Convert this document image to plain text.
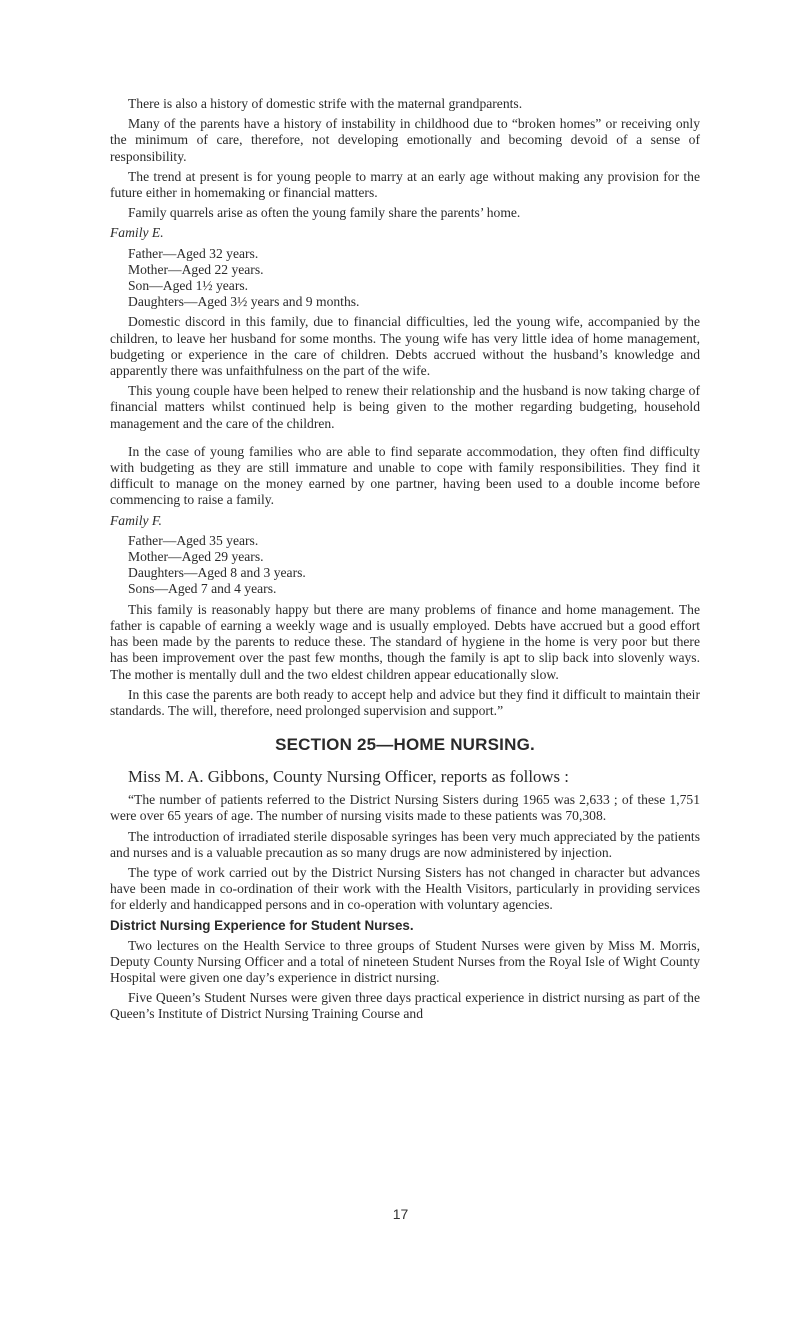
There is also a history of domestic strife with the maternal grandparents.

Many of the parents have a history of instability in childhood due to “broken homes” or receiving only the minimum of care, therefore, not developing emotionally and becoming devoid of a sense of responsibility.

The trend at present is for young people to marry at an early age without making any provision for the future either in homemaking or financial matters.

Family quarrels arise as often the young family share the parents’ home.

Family E.

Father—Aged 32 years.

Mother—Aged 22 years.

Son—Aged 1½ years.

Daughters—Aged 3½ years and 9 months.

Domestic discord in this family, due to financial difficulties, led the young wife, accompanied by the children, to leave her husband for some months. The young wife has very little idea of home management, budgeting or experience in the care of children. Debts accrued without the husband’s knowledge and apparently there was unfaithfulness on the part of the wife.

This young couple have been helped to renew their relationship and the husband is now taking charge of financial matters whilst continued help is being given to the mother regarding budgeting, household management and the care of the children.

In the case of young families who are able to find separate accommodation, they often find difficulty with budgeting as they are still immature and unable to cope with family responsibilities. They find it difficult to manage on the money earned by one partner, having been used to a double income before commencing to raise a family.

Family F.

Father—Aged 35 years.

Mother—Aged 29 years.

Daughters—Aged 8 and 3 years.

Sons—Aged 7 and 4 years.

This family is reasonably happy but there are many problems of finance and home management. The father is capable of earning a weekly wage and is usually employed. Debts have accrued but a good effort has been made by the parents to reduce these. The standard of hygiene in the home is very poor but there has been improvement over the past few months, though the family is apt to slip back into slovenly ways. The mother is mentally dull and the two eldest children appear educationally slow.

In this case the parents are both ready to accept help and advice but they find it difficult to maintain their standards. The will, therefore, need prolonged supervision and support.”

SECTION 25—HOME NURSING.

Miss M. A. Gibbons, County Nursing Officer, reports as follows :

“The number of patients referred to the District Nursing Sisters during 1965 was 2,633 ; of these 1,751 were over 65 years of age. The number of nursing visits made to these patients was 70,308.

The introduction of irradiated sterile disposable syringes has been very much appreciated by the patients and nurses and is a valuable precaution as so many drugs are now administered by injection.

The type of work carried out by the District Nursing Sisters has not changed in character but advances have been made in co-ordination of their work with the Health Visitors, particularly in providing services for elderly and handicapped persons and in co-operation with voluntary agencies.

District Nursing Experience for Student Nurses.

Two lectures on the Health Service to three groups of Student Nurses were given by Miss M. Morris, Deputy County Nursing Officer and a total of nineteen Student Nurses from the Royal Isle of Wight County Hospital were given one day’s experience in district nursing.

Five Queen’s Student Nurses were given three days practical experience in district nursing as part of the Queen’s Institute of District Nursing Training Course and

17
